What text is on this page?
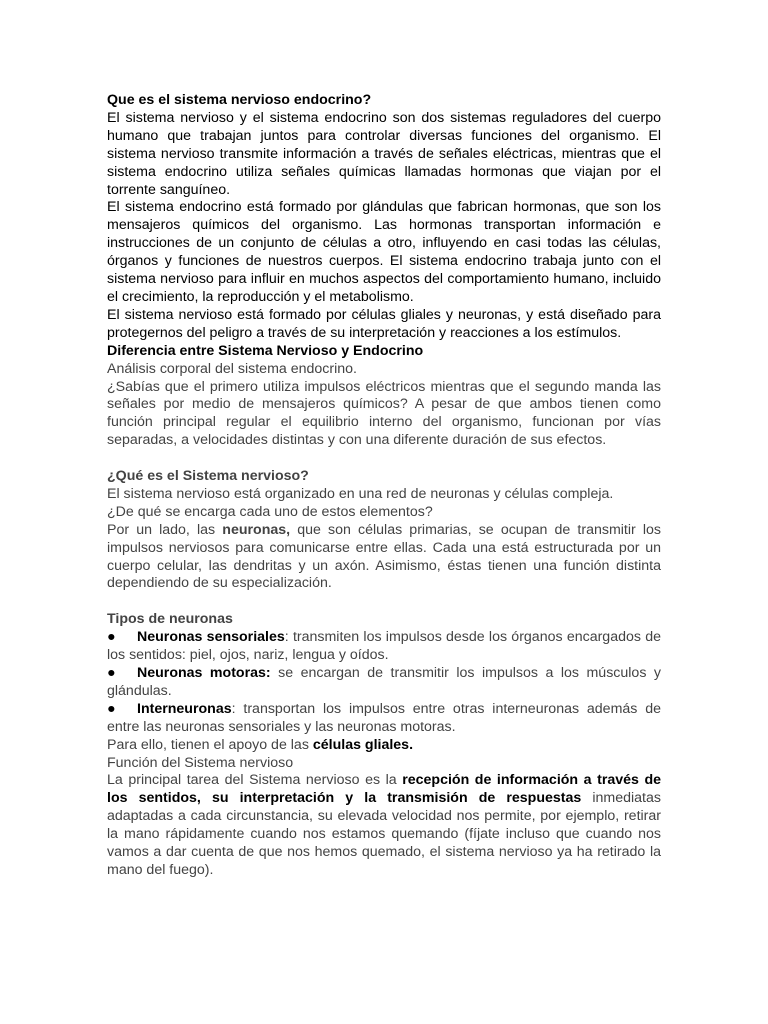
Que es el sistema nervioso endocrino?

El sistema nervioso y el sistema endocrino son dos sistemas reguladores del cuerpo humano que trabajan juntos para controlar diversas funciones del organismo. El sistema nervioso transmite información a través de señales eléctricas, mientras que el sistema endocrino utiliza señales químicas llamadas hormonas que viajan por el torrente sanguíneo.

El sistema endocrino está formado por glándulas que fabrican hormonas, que son los mensajeros químicos del organismo. Las hormonas transportan información e instrucciones de un conjunto de células a otro, influyendo en casi todas las células, órganos y funciones de nuestros cuerpos. El sistema endocrino trabaja junto con el sistema nervioso para influir en muchos aspectos del comportamiento humano, incluido el crecimiento, la reproducción y el metabolismo.

El sistema nervioso está formado por células gliales y neuronas, y está diseñado para protegernos del peligro a través de su interpretación y reacciones a los estímulos.

Diferencia entre Sistema Nervioso y Endocrino

Análisis corporal del sistema endocrino.

¿Sabías que el primero utiliza impulsos eléctricos mientras que el segundo manda las señales por medio de mensajeros químicos? A pesar de que ambos tienen como función principal regular el equilibrio interno del organismo, funcionan por vías separadas, a velocidades distintas y con una diferente duración de sus efectos.

¿Qué es el Sistema nervioso?

El sistema nervioso está organizado en una red de neuronas y células compleja.

¿De qué se encarga cada uno de estos elementos?

Por un lado, las neuronas, que son células primarias, se ocupan de transmitir los impulsos nerviosos para comunicarse entre ellas. Cada una está estructurada por un cuerpo celular, las dendritas y un axón. Asimismo, éstas tienen una función distinta dependiendo de su especialización.

Tipos de neuronas

● Neuronas sensoriales: transmiten los impulsos desde los órganos encargados de los sentidos: piel, ojos, nariz, lengua y oídos.

● Neuronas motoras: se encargan de transmitir los impulsos a los músculos y glándulas.

● Interneuronas: transportan los impulsos entre otras interneuronas además de entre las neuronas sensoriales y las neuronas motoras.

Para ello, tienen el apoyo de las células gliales.

Función del Sistema nervioso

La principal tarea del Sistema nervioso es la recepción de información a través de los sentidos, su interpretación y la transmisión de respuestas inmediatas adaptadas a cada circunstancia, su elevada velocidad nos permite, por ejemplo, retirar la mano rápidamente cuando nos estamos quemando (fíjate incluso que cuando nos vamos a dar cuenta de que nos hemos quemado, el sistema nervioso ya ha retirado la mano del fuego).
